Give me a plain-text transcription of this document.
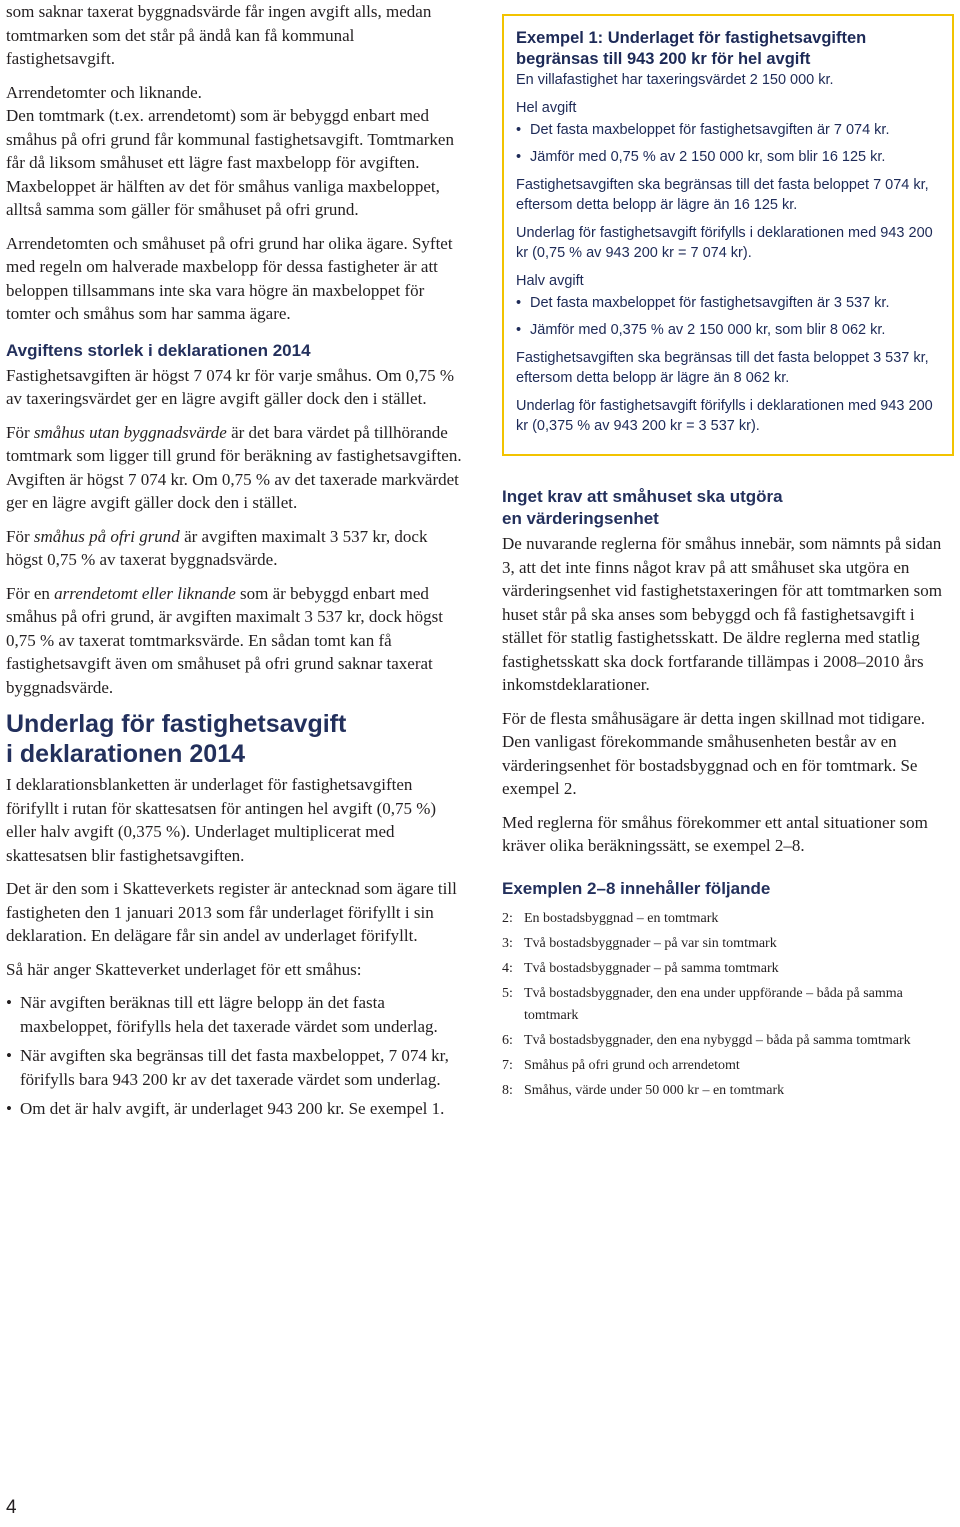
som saknar taxerat byggnadsvärde får ingen avgift alls, medan tomtmarken som det står på ändå kan få kommunal fastighetsavgift.

Arrendetomter och liknande.
Den tomtmark (t.ex. arrendetomt) som är bebyggd enbart med småhus på ofri grund får kommunal fastighetsavgift. Tomtmarken får då liksom småhuset ett lägre fast maxbelopp för avgiften. Maxbeloppet är hälften av det för småhus vanliga maxbeloppet, alltså samma som gäller för småhuset på ofri grund.

Arrendetomten och småhuset på ofri grund har olika ägare. Syftet med regeln om halverade maxbelopp för dessa fastigheter är att beloppen tillsammans inte ska vara högre än maxbeloppet för tomter och småhus som har samma ägare.

Avgiftens storlek i deklarationen 2014

Fastighetsavgiften är högst 7 074 kr för varje småhus. Om 0,75 % av taxeringsvärdet ger en lägre avgift gäller dock den i stället.

För småhus utan byggnadsvärde är det bara värdet på tillhörande tomtmark som ligger till grund för beräkning av fastighetsavgiften. Avgiften är högst 7 074 kr. Om 0,75 % av det taxerade markvärdet ger en lägre avgift gäller dock den i stället.

För småhus på ofri grund är avgiften maximalt 3 537 kr, dock högst 0,75 % av taxerat byggnadsvärde.

För en arrendetomt eller liknande som är bebyggd enbart med småhus på ofri grund, är avgiften maximalt 3 537 kr, dock högst 0,75 % av taxerat tomtmarksvärde. En sådan tomt kan få fastighetsavgift även om småhuset på ofri grund saknar taxerat byggnadsvärde.

Underlag för fastighetsavgift
i deklarationen 2014

I deklarationsblanketten är underlaget för fastighetsavgiften förifyllt i rutan för skattesatsen för antingen hel avgift (0,75 %) eller halv avgift (0,375 %). Underlaget multiplicerat med skattesatsen blir fastighetsavgiften.

Det är den som i Skatteverkets register är antecknad som ägare till fastigheten den 1 januari 2013 som får underlaget förifyllt i sin deklaration. En delägare får sin andel av underlaget förifyllt.

Så här anger Skatteverket underlaget för ett småhus:

• När avgiften beräknas till ett lägre belopp än det fasta maxbeloppet, förifylls hela det taxerade värdet som underlag.
• När avgiften ska begränsas till det fasta maxbeloppet, 7 074 kr, förifylls bara 943 200 kr av det taxerade värdet som underlag.
• Om det är halv avgift, är underlaget 943 200 kr. Se exempel 1.
Exempel 1: Underlaget för fastighetsavgiften begränsas till 943 200 kr för hel avgift

En villafastighet har taxeringsvärdet 2 150 000 kr.

Hel avgift
• Det fasta maxbeloppet för fastighetsavgiften är 7 074 kr.
• Jämför med 0,75 % av 2 150 000 kr, som blir 16 125 kr.

Fastighetsavgiften ska begränsas till det fasta beloppet 7 074 kr, eftersom detta belopp är lägre än 16 125 kr.

Underlag för fastighetsavgift förifylls i deklarationen med 943 200 kr (0,75 % av 943 200 kr = 7 074 kr).

Halv avgift
• Det fasta maxbeloppet för fastighetsavgiften är 3 537 kr.
• Jämför med 0,375 % av 2 150 000 kr, som blir 8 062 kr.

Fastighetsavgiften ska begränsas till det fasta beloppet 3 537 kr, eftersom detta belopp är lägre än 8 062 kr.

Underlag för fastighetsavgift förifylls i deklarationen med 943 200 kr (0,375 % av 943 200 kr = 3 537 kr).

Inget krav att småhuset ska utgöra
en värderingsenhet

De nuvarande reglerna för småhus innebär, som nämnts på sidan 3, att det inte finns något krav på att småhuset ska utgöra en värderingsenhet vid fastighetstaxeringen för att tomtmarken som huset står på ska anses som bebyggd och få fastighetsavgift i stället för statlig fastighetsskatt. De äldre reglerna med statlig fastighetsskatt ska dock fortfarande tillämpas i 2008–2010 års inkomstdeklarationer.

För de flesta småhusägare är detta ingen skillnad mot tidigare. Den vanligast förekommande småhusenheten består av en värderingsenhet för bostadsbyggnad och en för tomtmark. Se exempel 2.

Med reglerna för småhus förekommer ett antal situationer som kräver olika beräkningssätt, se exempel 2–8.

Exemplen 2–8 innehåller följande
2: En bostadsbyggnad – en tomtmark
3: Två bostadsbyggnader – på var sin tomtmark
4: Två bostadsbyggnader – på samma tomtmark
5: Två bostadsbyggnader, den ena under uppförande – båda på samma tomtmark
6: Två bostadsbyggnader, den ena nybyggd – båda på samma tomtmark
7: Småhus på ofri grund och arrendetomt
8: Småhus, värde under 50 000 kr – en tomtmark
4
